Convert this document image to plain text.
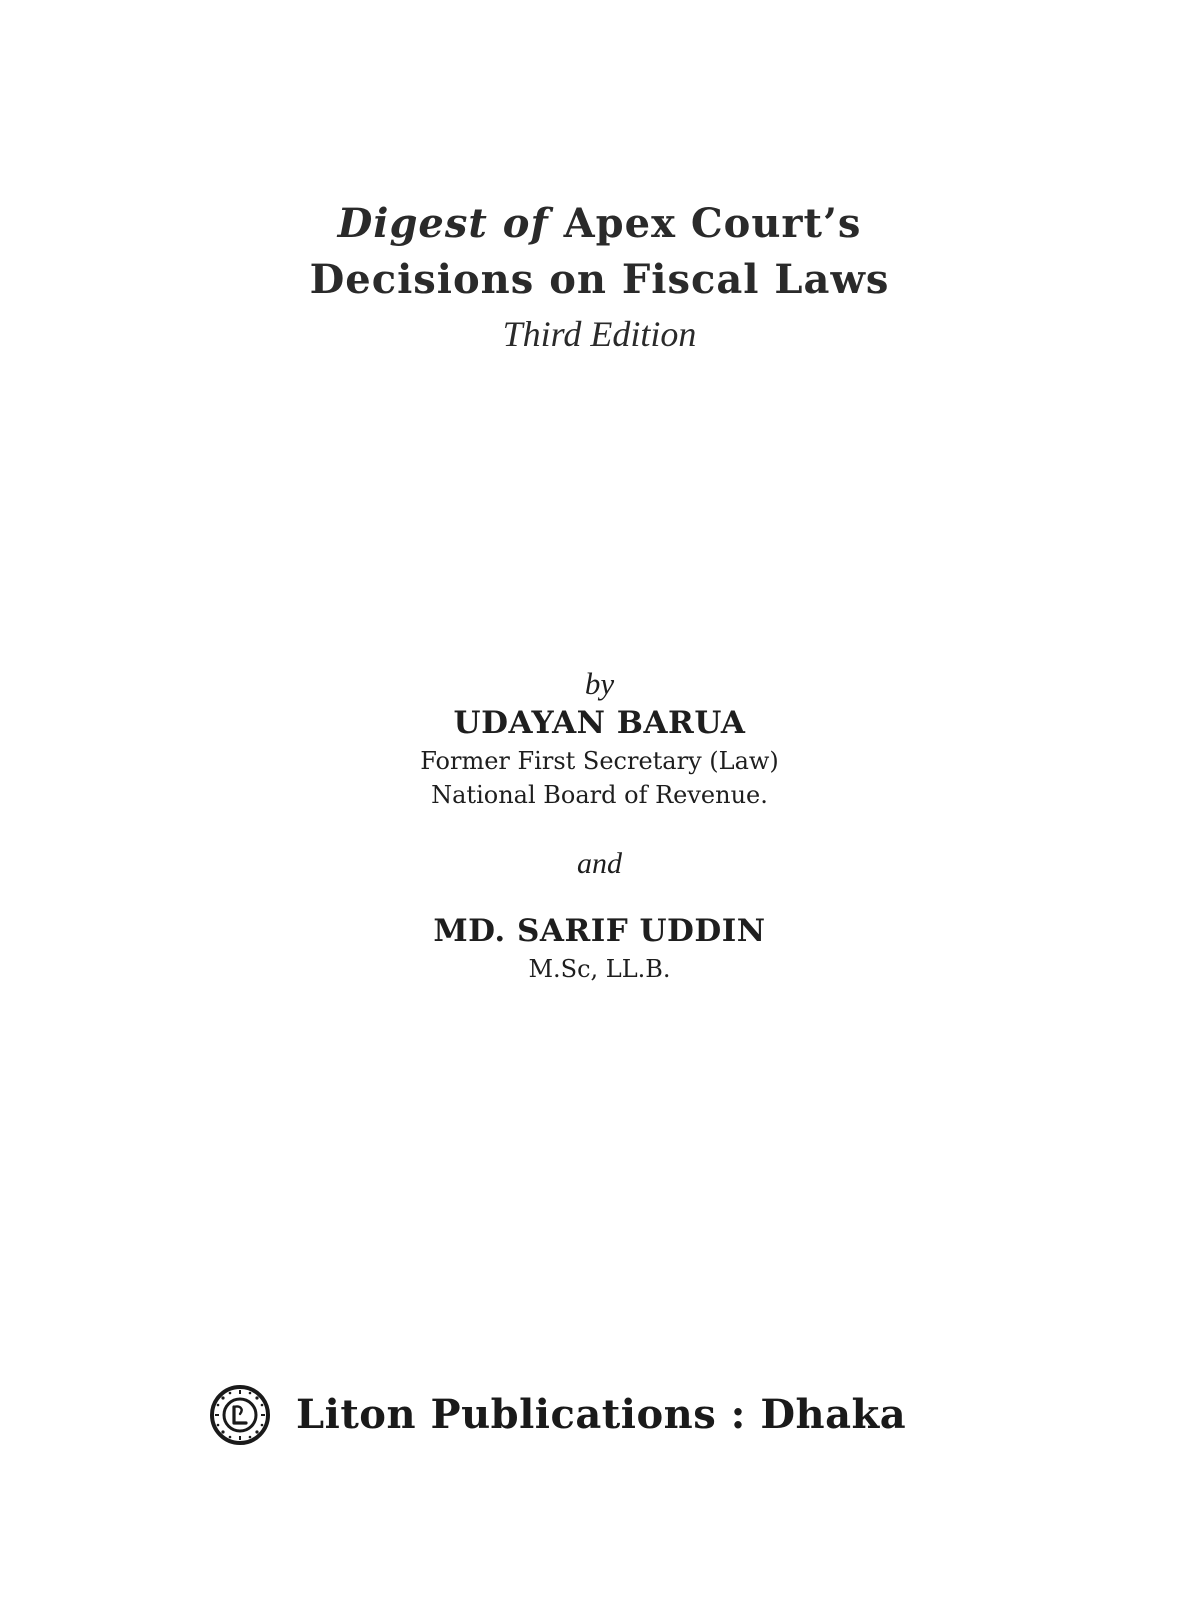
Digest of Apex Court’s
Decisions on Fiscal Laws
Third Edition
by
UDAYAN BARUA
Former First Secretary (Law)
National Board of Revenue.
and
MD. SARIF UDDIN
M.Sc, LL.B.
Liton Publications : Dhaka
